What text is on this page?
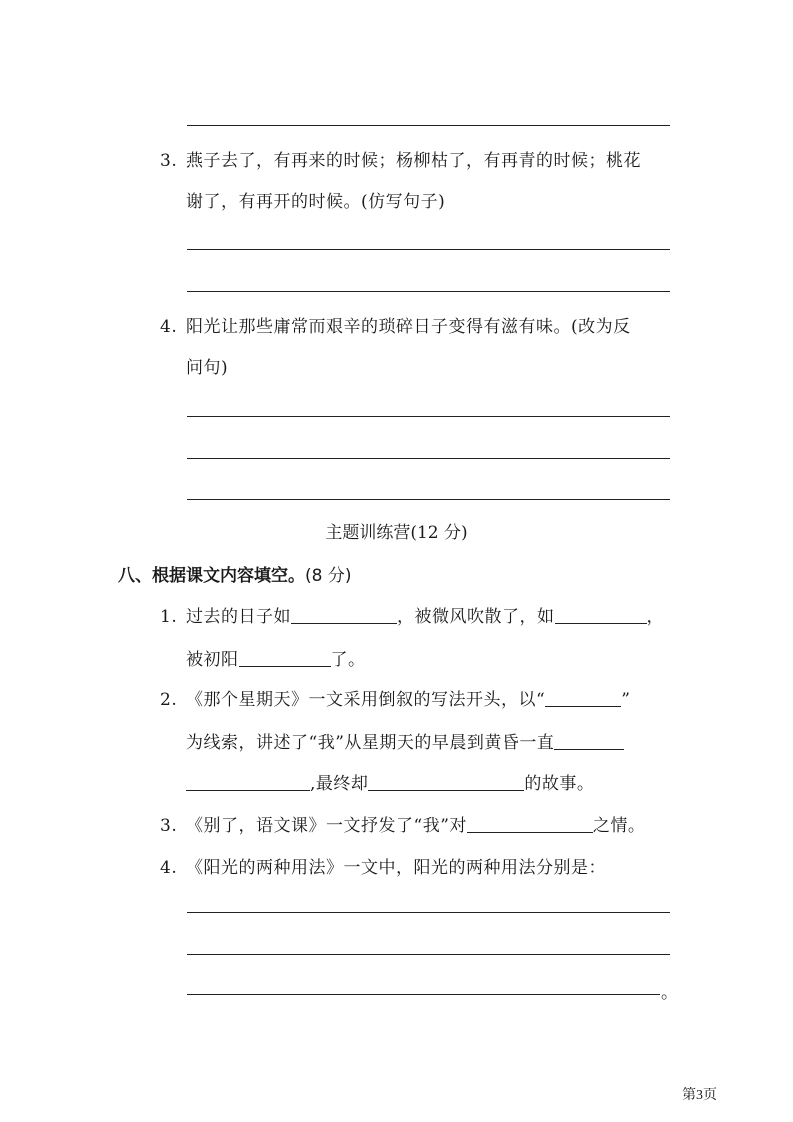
3. 燕子去了，有再来的时候；杨柳枯了，有再青的时候；桃花
谢了，有再开的时候。(仿写句子)
4. 阳光让那些庸常而艰辛的琐碎日子变得有滋有味。(改为反
问句)
主题训练营(12 分)
八、根据课文内容填空。(8 分)
1. 过去的日子如	，被微风吹散了，如	，
被初阳	了。
2. 《那个星期天》一文采用倒叙的写法开头，以“	”
为线索，讲述了“我”从星期天的早晨到黄昏一直
,最终却	的故事。
3. 《别了，语文课》一文抒发了“我”对	之情。
4. 《阳光的两种用法》一文中，阳光的两种用法分别是：
。
第3页
